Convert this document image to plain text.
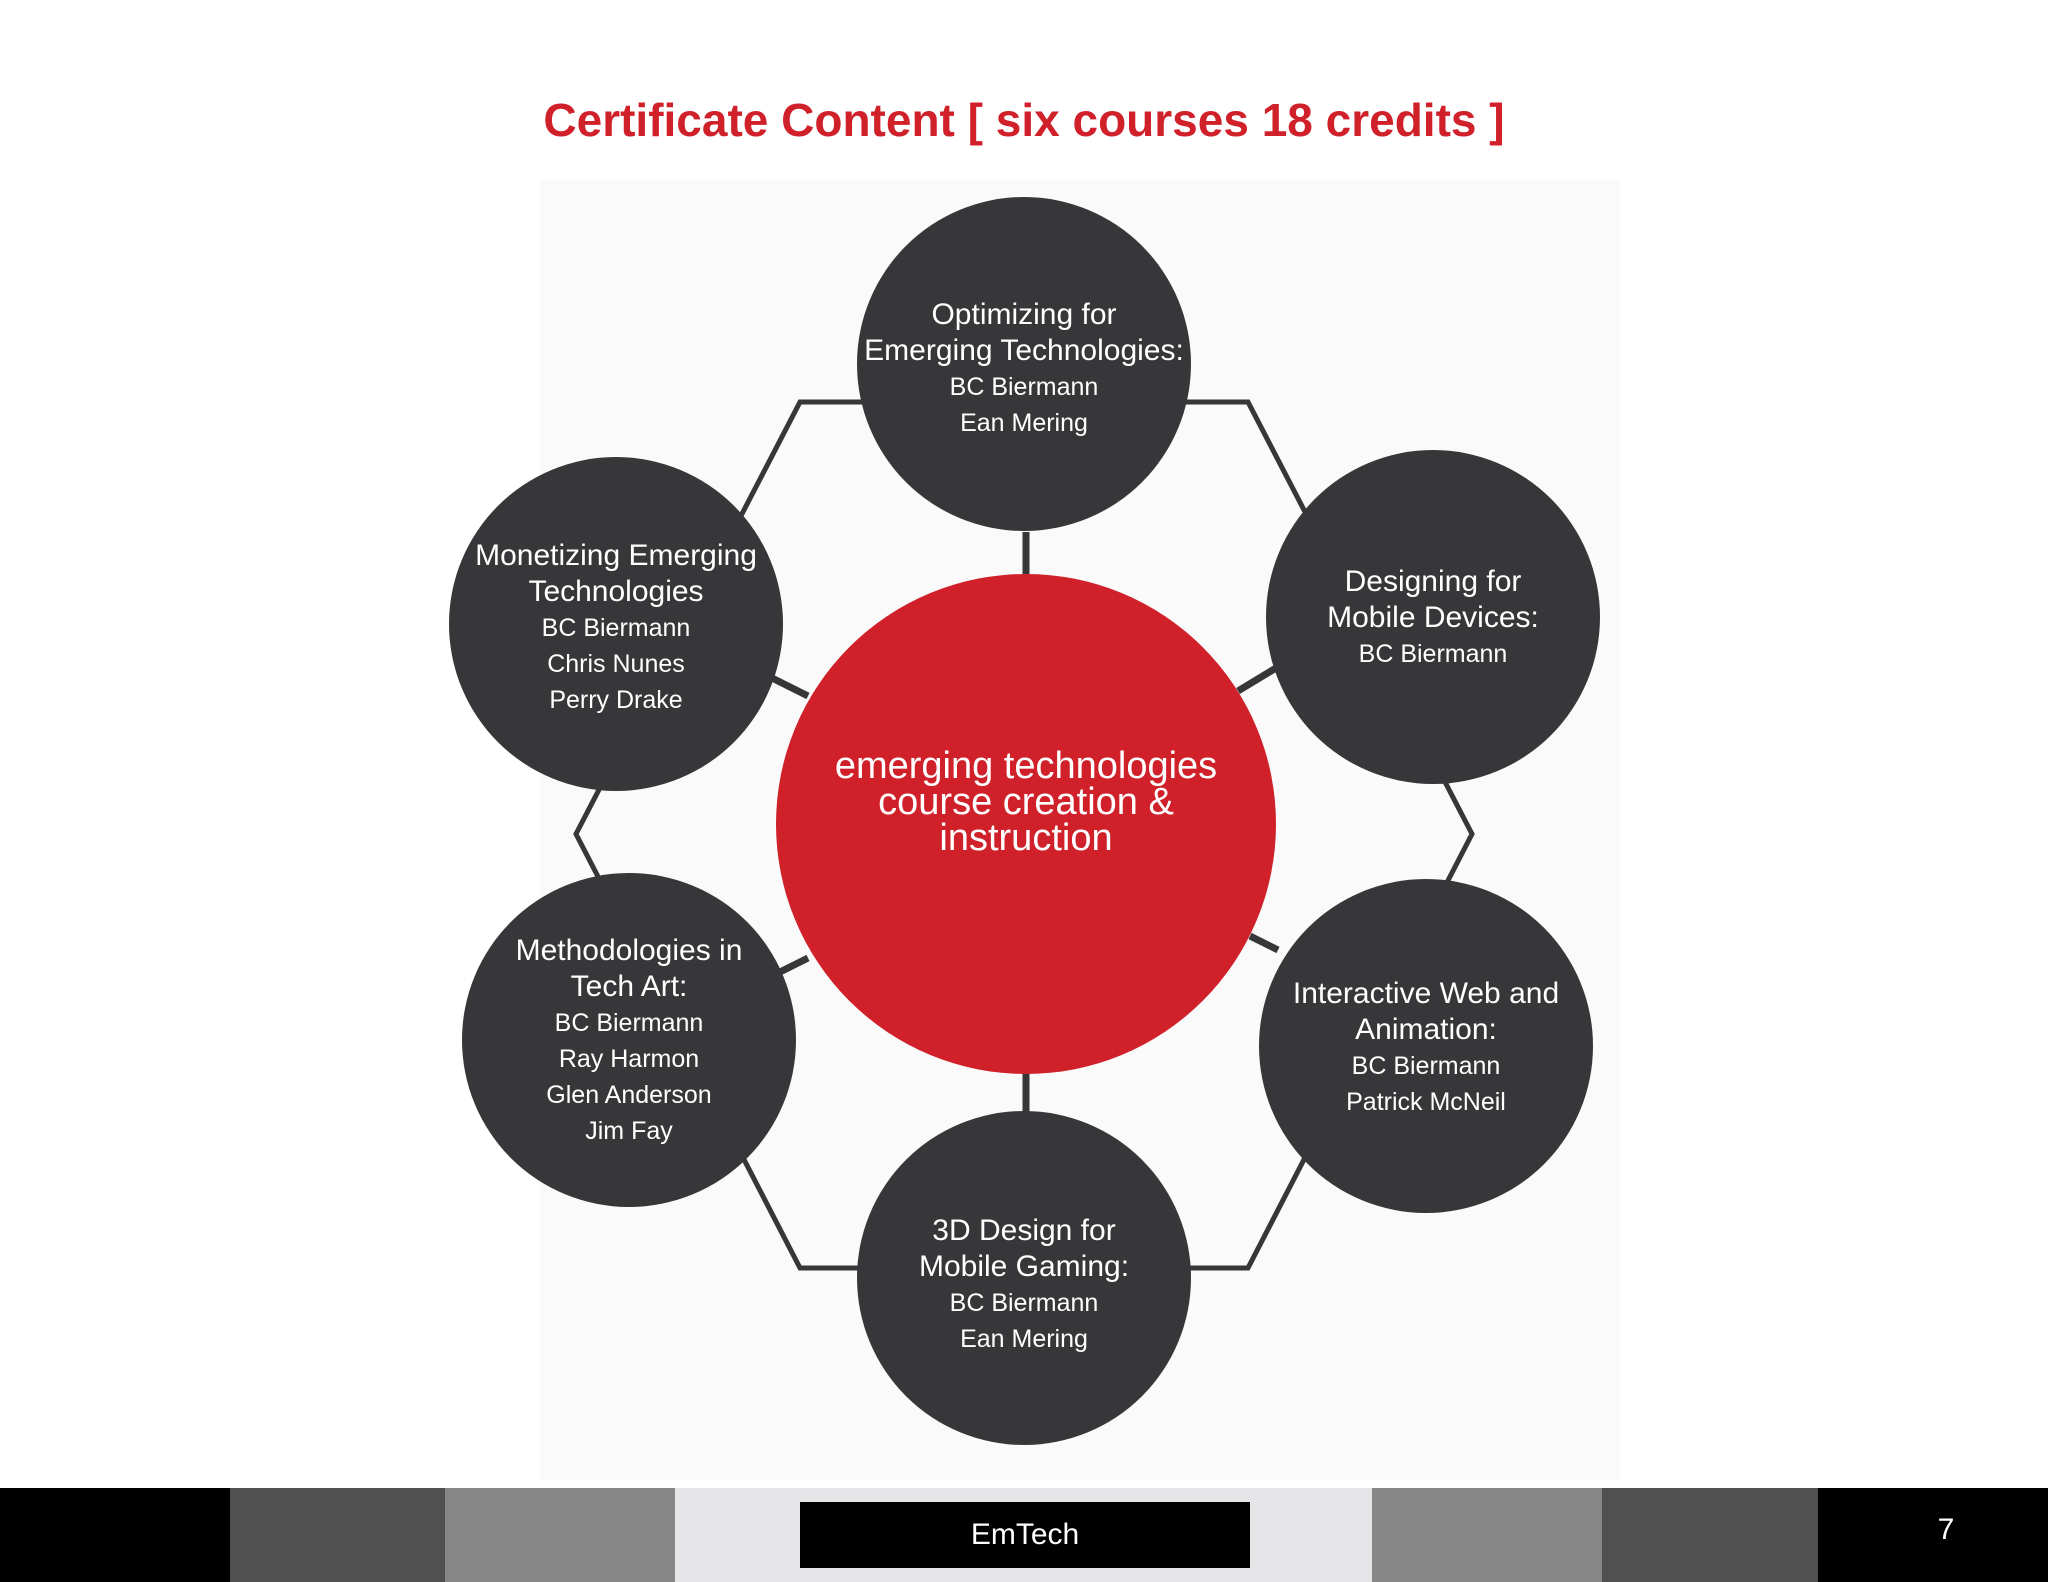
Certificate Content [ six courses 18 credits ]
emerging technologies
course creation &
instruction
Optimizing for
Emerging Technologies:
BC Biermann
Ean Mering
Designing for
Mobile Devices:
BC Biermann
Interactive Web and
Animation:
BC Biermann
Patrick McNeil
3D Design for
Mobile Gaming:
BC Biermann
Ean Mering
Methodologies in
Tech Art:
BC Biermann
Ray Harmon
Glen Anderson
Jim Fay
Monetizing Emerging
Technologies
BC Biermann
Chris Nunes
Perry Drake
EmTech	7
